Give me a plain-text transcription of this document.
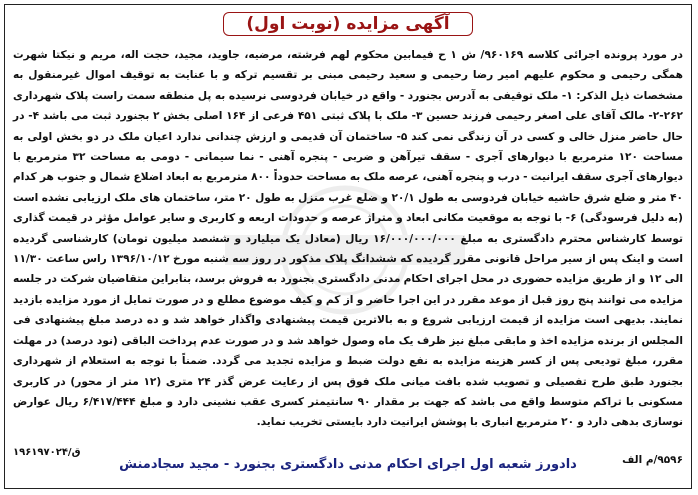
آگهی مزایده (نوبت اول)
در مورد پرونده اجرائی کلاسه ۹۶۰۱۶۹/ ش ۱ ح فیمابین محکوم لهم فرشته، مرضیه، جاوید، مجید، حجت اله، مریم و نیکتا شهرت همگی رحیمی و محکوم علیهم امیر رضا رحیمی و سعید رحیمی مبنی بر تقسیم ترکه و با عنایت به توقیف اموال غیرمنقول به مشخصات ذیل الذکر: ۱- ملک توقیفی به آدرس بجنورد - واقع در خیابان فردوسی نرسیده به پل منطقه سمت راست پلاک شهرداری ۲۶۲-۲- مالک آقای علی اصغر رحیمی فرزند حسین ۳- ملک با پلاک ثبتی ۴۵۱ فرعی از ۱۶۴ اصلی بخش ۲ بجنورد ثبت می باشد ۴- در حال حاضر منزل خالی و کسی در آن زندگی نمی کند ۵- ساختمان آن قدیمی و ارزش چندانی ندارد اعیان ملک در دو بخش اولی به مساحت ۱۲۰ مترمربع با دیوارهای آجری - سقف تیرآهن و ضربی - پنجره آهنی - نما سیمانی - دومی به مساحت ۳۲ مترمربع با دیوارهای آجری سقف ایرانیت - درب و پنجره آهنی، عرصه ملک به مساحت حدوداً ۸۰۰ مترمربع به ابعاد اضلاع شمال و جنوب هر کدام ۴۰ متر و ضلع شرق حاشیه خیابان فردوسی به طول ۲۰/۱ و ضلع غرب منزل به طول ۲۰ متر، ساختمان های ملک ارزیابی نشده است (به دلیل فرسودگی) ۶- با توجه به موقعیت مکانی ابعاد و متراژ عرصه و حدودات اربعه و کاربری و سایر عوامل مؤثر در قیمت گذاری توسط کارشناس محترم دادگستری به مبلغ ۱۶/۰۰۰/۰۰۰/۰۰۰ ریال (معادل یک میلیارد و ششصد میلیون تومان) کارشناسی گردیده است و اینک پس از سیر مراحل قانونی مقرر گردیده که ششدانگ پلاک مذکور در روز سه شنبه مورخ ۱۳۹۶/۱۰/۱۲ راس ساعت ۱۱/۳۰ الی ۱۲ و از طریق مزایده حضوری در محل اجرای احکام مدنی دادگستری بجنورد به فروش برسد، بنابراین متقاضیان شرکت در جلسه مزایده می توانند پنج روز قبل از موعد مقرر در این اجرا حاضر و از کم و کیف موضوع مطلع و در صورت تمایل از مورد مزایده بازدید نمایند. بدیهی است مزایده از قیمت ارزیابی شروع و به بالاترین قیمت پیشنهادی واگذار خواهد شد و ده درصد مبلغ پیشنهادی فی المجلس از برنده مزایده اخذ و مابقی مبلغ نیز ظرف یک ماه وصول خواهد شد و در صورت عدم پرداخت الباقی (نود درصد) در مهلت مقرر، مبلغ تودیعی پس از کسر هزینه مزایده به نفع دولت ضبط و مزایده تجدید می گردد. ضمناً با توجه به استعلام از شهرداری بجنورد طبق طرح تفصیلی و تصویب شده بافت میانی ملک فوق پس از رعایت عرض گذر ۲۴ متری (۱۲ متر از محور) در کاربری مسکونی با تراکم متوسط واقع می باشد که جهت بر مقدار ۹۰ سانتیمتر کسری عقب نشینی دارد و مبلغ ۶/۴۱۷/۴۴۴ ریال عوارض نوسازی بدهی دارد و ۲۰ مترمربع انباری با پوشش ایرانیت دارد بایستی تخریب نماید.
۱۹۶۱۹۷۰۲۴/ق
۹۵۹۶/م الف
دادورز شعبه اول اجرای احکام مدنی دادگستری بجنورد - مجید سجادمنش
